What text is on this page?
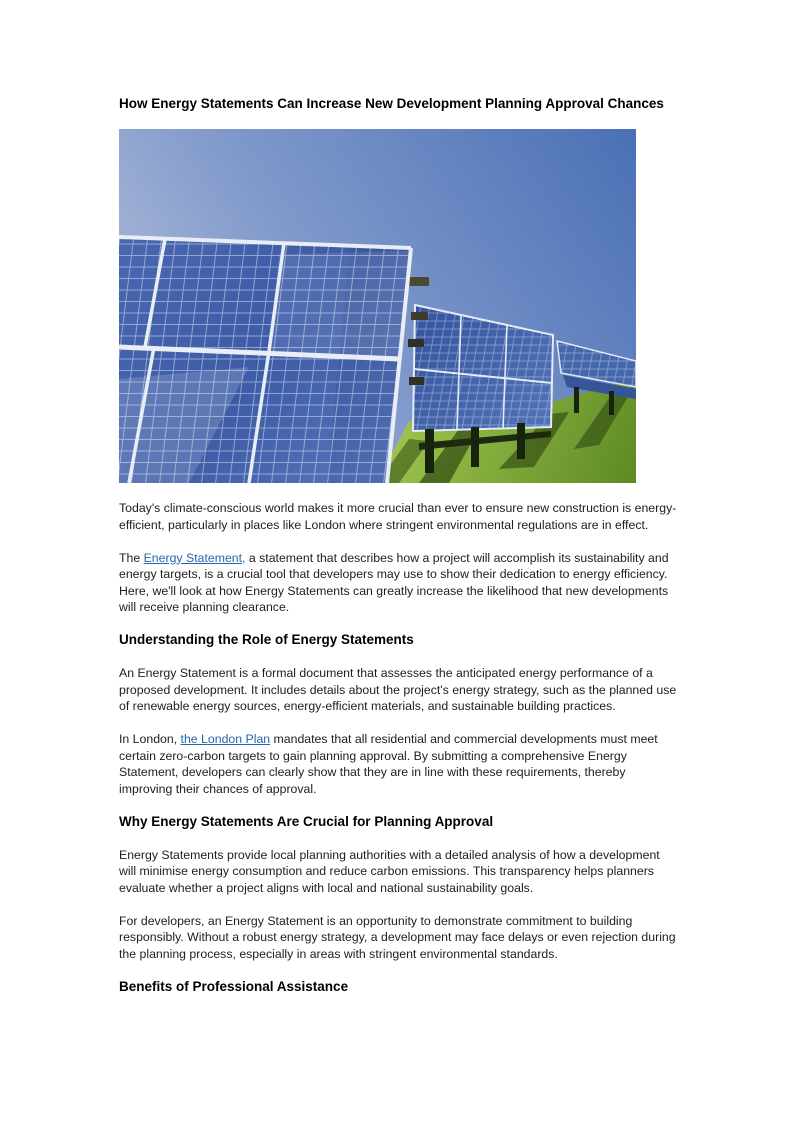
How Energy Statements Can Increase New Development Planning Approval Chances

Today's climate-conscious world makes it more crucial than ever to ensure new construction is energy-efficient, particularly in places like London where stringent environmental regulations are in effect.

The Energy Statement, a statement that describes how a project will accomplish its sustainability and energy targets, is a crucial tool that developers may use to show their dedication to energy efficiency. Here, we'll look at how Energy Statements can greatly increase the likelihood that new developments will receive planning clearance.

Understanding the Role of Energy Statements

An Energy Statement is a formal document that assesses the anticipated energy performance of a proposed development. It includes details about the project's energy strategy, such as the planned use of renewable energy sources, energy-efficient materials, and sustainable building practices.

In London, the London Plan mandates that all residential and commercial developments must meet certain zero-carbon targets to gain planning approval. By submitting a comprehensive Energy Statement, developers can clearly show that they are in line with these requirements, thereby improving their chances of approval.

Why Energy Statements Are Crucial for Planning Approval

Energy Statements provide local planning authorities with a detailed analysis of how a development will minimise energy consumption and reduce carbon emissions. This transparency helps planners evaluate whether a project aligns with local and national sustainability goals.

For developers, an Energy Statement is an opportunity to demonstrate commitment to building responsibly. Without a robust energy strategy, a development may face delays or even rejection during the planning process, especially in areas with stringent environmental standards.

Benefits of Professional Assistance
